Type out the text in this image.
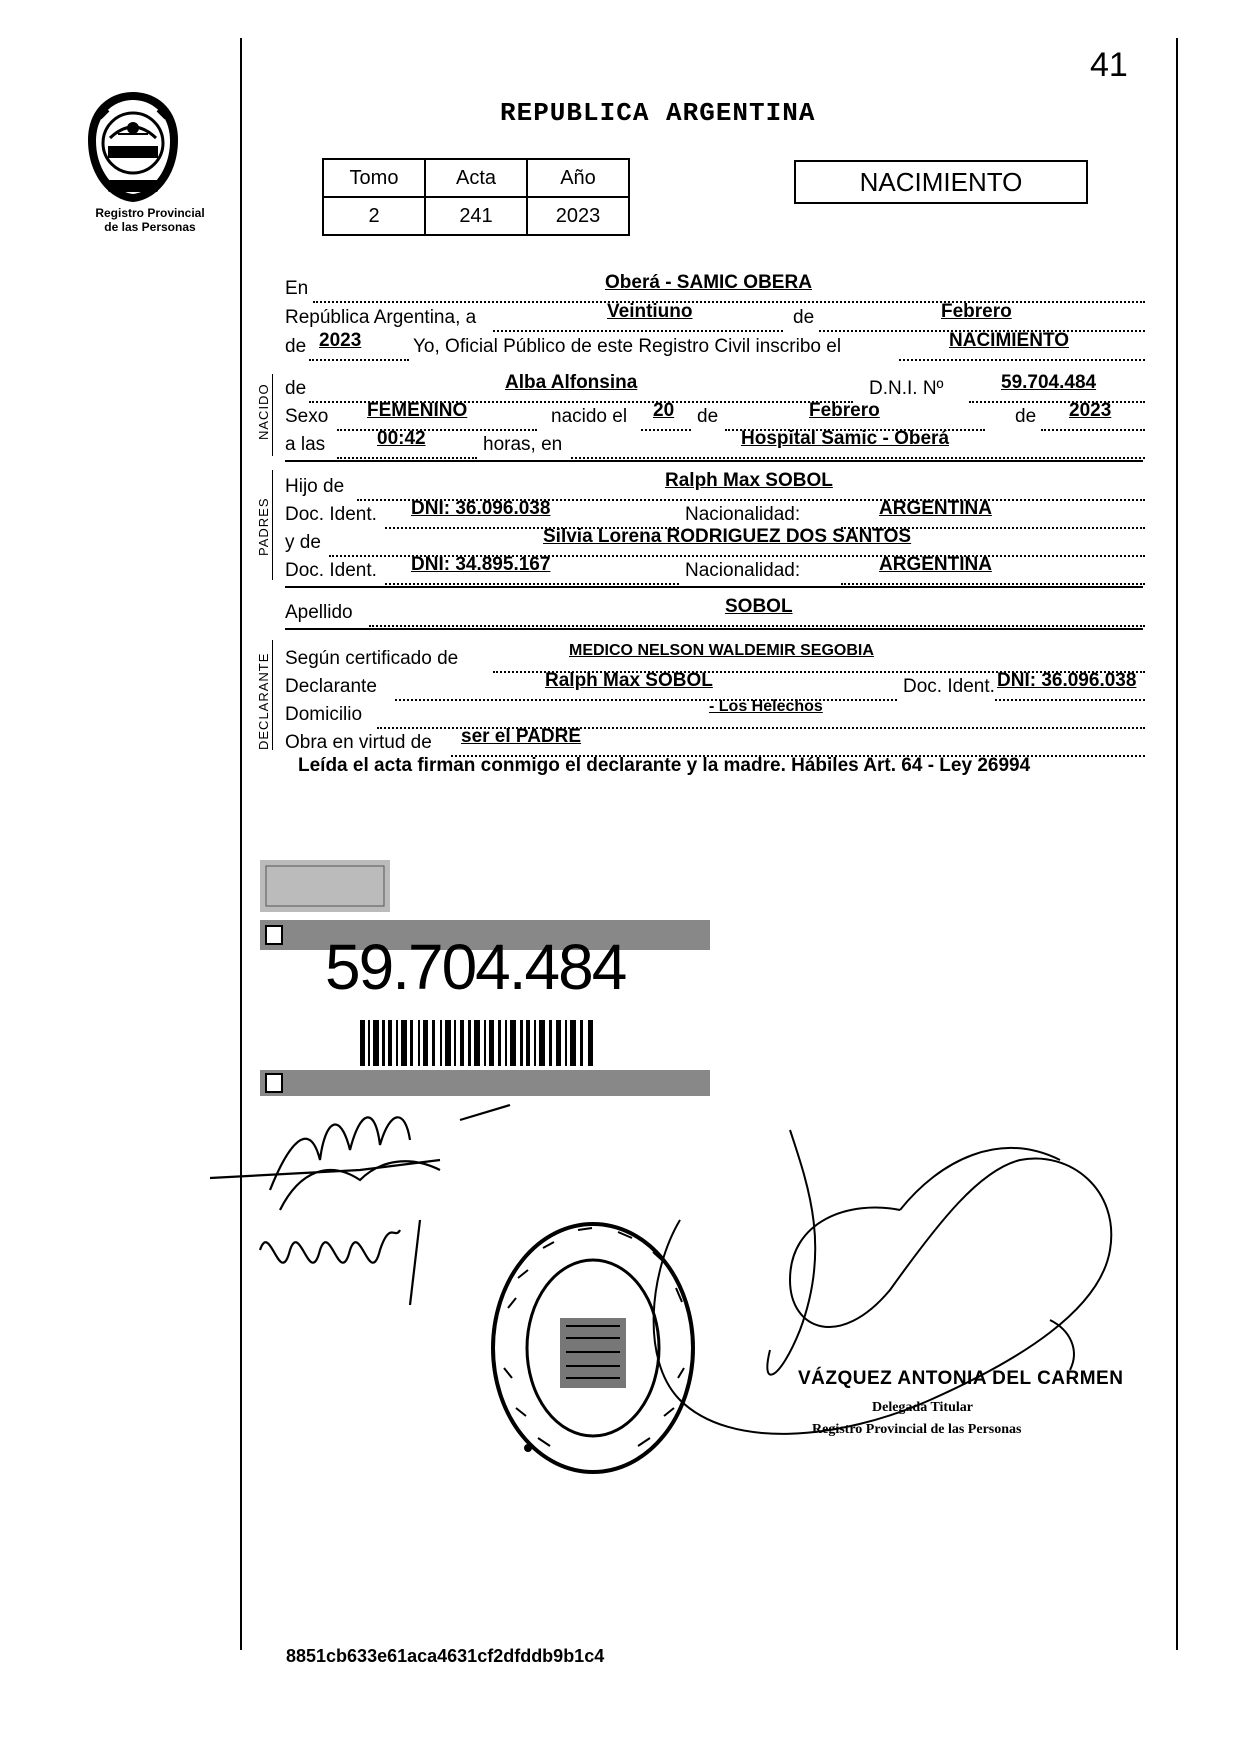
Registro Provincial
de las Personas
41
REPUBLICA ARGENTINA
Tomo	Acta	Año
2	241	2023
NACIMIENTO
En	Oberá - SAMIC OBERA
República Argentina, a	Veintiuno	de	Febrero
de 2023	Yo, Oficial Público de este Registro Civil inscribo el	NACIMIENTO
NACIDO de	Alba Alfonsina	D.N.I. Nº	59.704.484
Sexo FEMENINO	nacido el 20 de	Febrero	de 2023
a las	00:42	horas, en	Hospital Samic - Oberá
PADRES
Hijo de	Ralph Max SOBOL
Doc. Ident. DNI: 36.096.038	Nacionalidad:	ARGENTINA
y de	Silvia Lorena RODRIGUEZ DOS SANTOS
Doc. Ident. DNI: 34.895.167	Nacionalidad:	ARGENTINA
Apellido	SOBOL
DECLARANTE Según certificado de	MEDICO NELSON WALDEMIR SEGOBIA
Declarante	Ralph Max SOBOL	Doc. Ident. DNI: 36.096.038
Domicilio	- Los Helechos
Obra en virtud de ser el PADRE
Leída el acta firman conmigo el declarante y la madre. Hábiles Art. 64 - Ley 26994
59.704.484
VÁZQUEZ ANTONIA DEL CARMEN
Delegada Titular
Registro Provincial de las Personas
8851cb633e61aca4631cf2dfddb9b1c4
